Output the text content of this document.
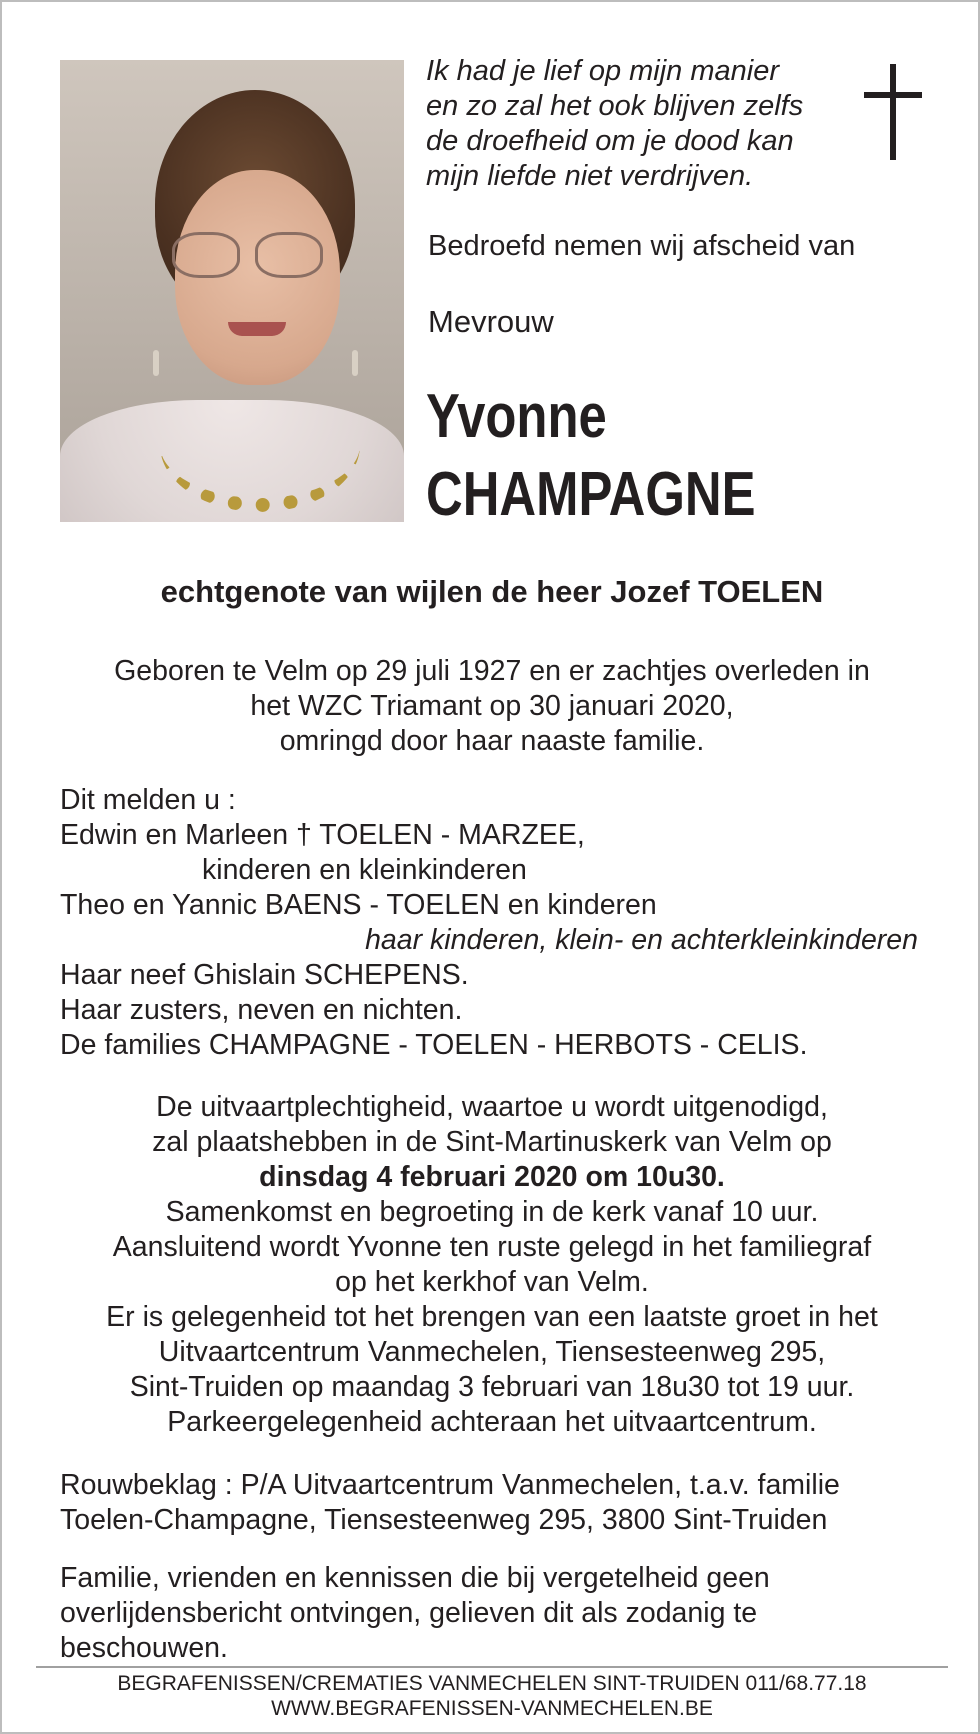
Ik had je lief op mijn manier
en zo zal het ook blijven zelfs
de droefheid om je dood kan
mijn liefde niet verdrijven.
Bedroefd nemen wij afscheid van
Mevrouw
Yvonne
CHAMPAGNE
echtgenote van wijlen de heer Jozef TOELEN
Geboren te Velm op 29 juli 1927 en er zachtjes overleden in
het WZC Triamant op 30 januari 2020,
omringd door haar naaste familie.
Dit melden u :
Edwin en Marleen † TOELEN - MARZEE,
kinderen en kleinkinderen
Theo en Yannic BAENS - TOELEN en kinderen
haar kinderen, klein- en achterkleinkinderen
Haar neef Ghislain SCHEPENS.
Haar zusters, neven en nichten.
De families CHAMPAGNE - TOELEN - HERBOTS - CELIS.
De uitvaartplechtigheid, waartoe u wordt uitgenodigd,
zal plaatshebben in de Sint-Martinuskerk van Velm op
dinsdag 4 februari 2020 om 10u30.
Samenkomst en begroeting in de kerk vanaf 10 uur.
Aansluitend wordt Yvonne ten ruste gelegd in het familiegraf
op het kerkhof van Velm.
Er is gelegenheid tot het brengen van een laatste groet in het
Uitvaartcentrum Vanmechelen, Tiensesteenweg 295,
Sint-Truiden op maandag 3 februari van 18u30 tot 19 uur.
Parkeergelegenheid achteraan het uitvaartcentrum.
Rouwbeklag : P/A Uitvaartcentrum Vanmechelen, t.a.v. familie
Toelen-Champagne, Tiensesteenweg 295, 3800 Sint-Truiden
Familie, vrienden en kennissen die bij vergetelheid geen
overlijdensbericht ontvingen, gelieven dit als zodanig te
beschouwen.
BEGRAFENISSEN/CREMATIES VANMECHELEN SINT-TRUIDEN 011/68.77.18
WWW.BEGRAFENISSEN-VANMECHELEN.BE
